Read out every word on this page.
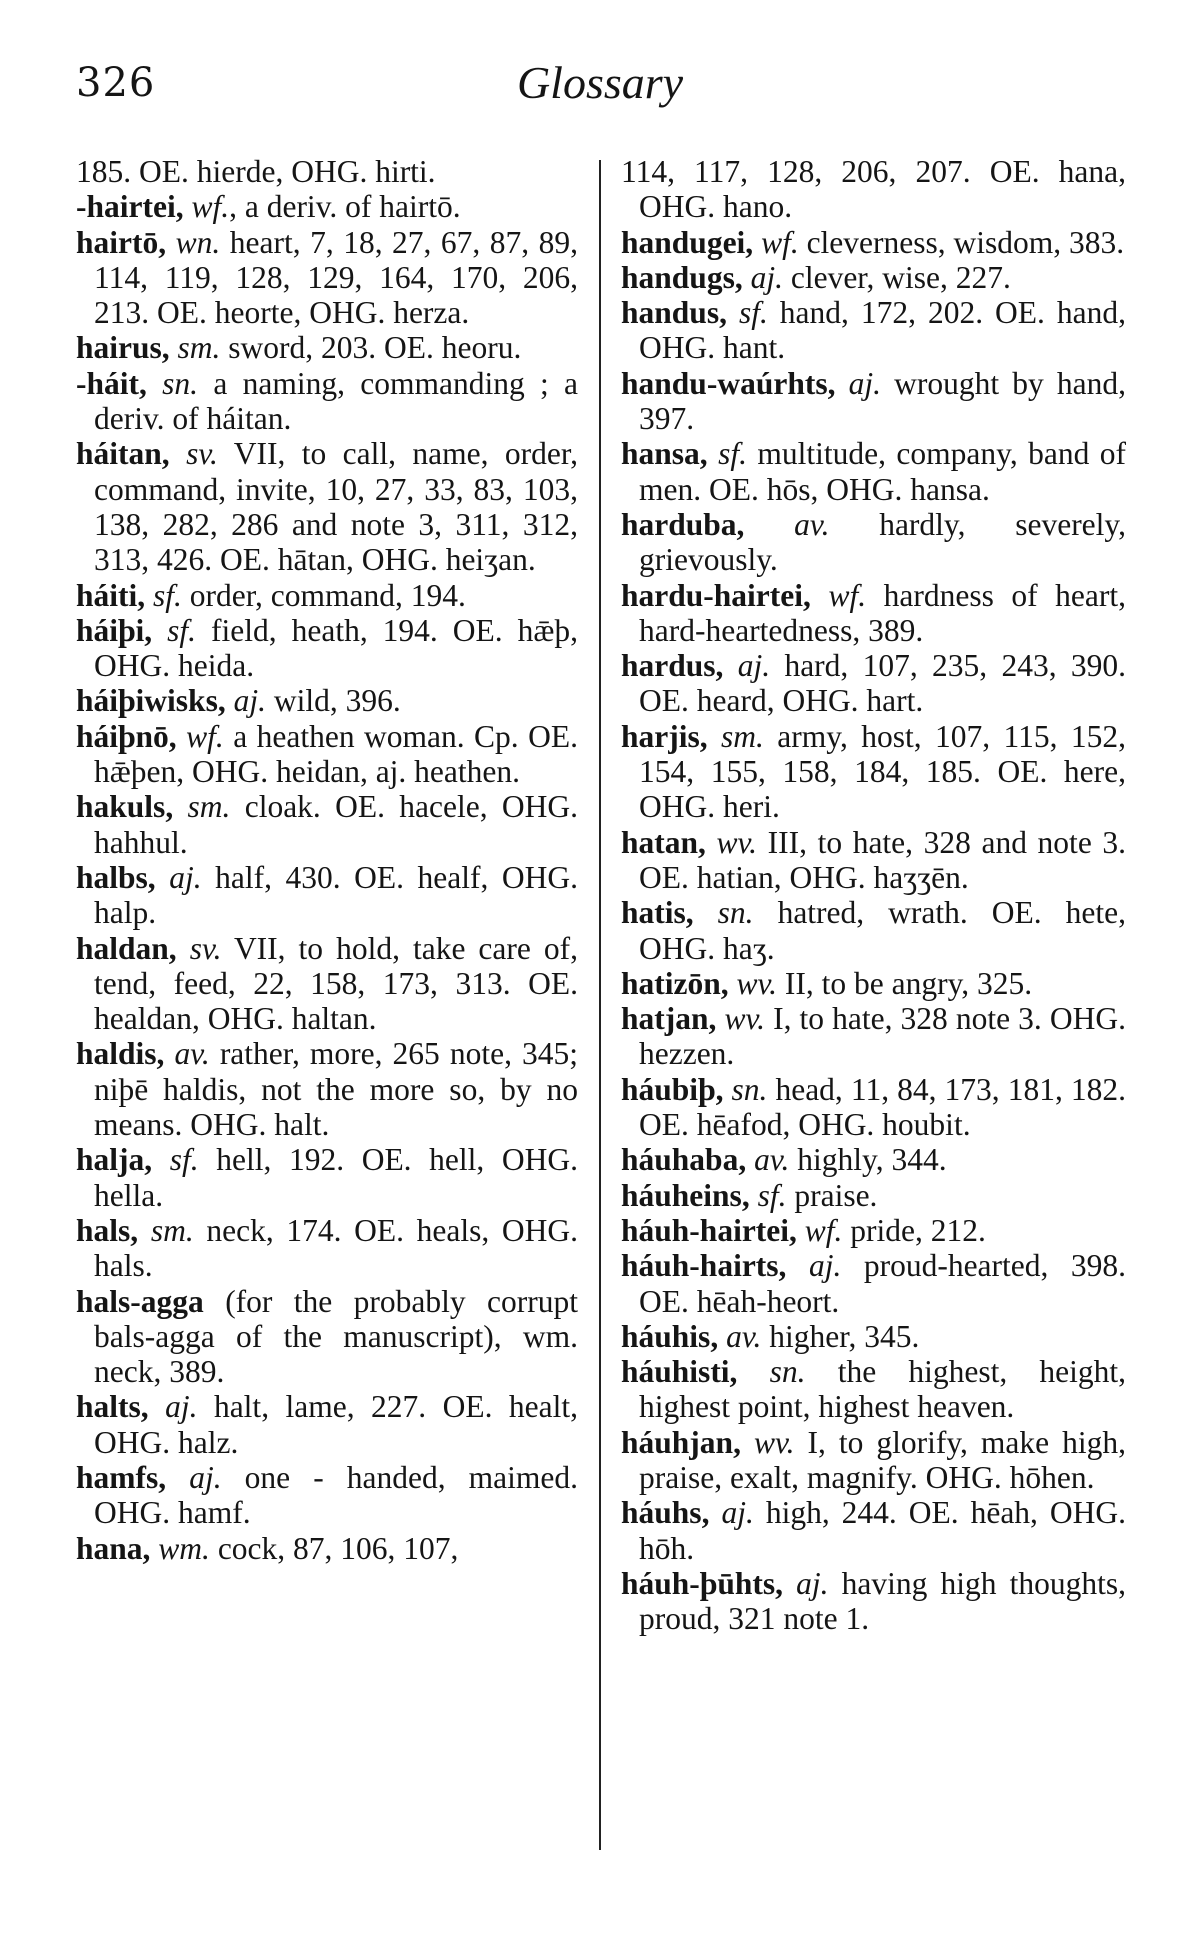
326	Glossary

185. OE. hierde, OHG. hirti.

-hairtei, wf., a deriv. of hairtō.

hairtō, wn. heart, 7, 18, 27, 67, 87, 89, 114, 119, 128, 129, 164, 170, 206, 213. OE. heorte, OHG. herza.

hairus, sm. sword, 203. OE. heoru.

-háit, sn. a naming, commanding ; a deriv. of háitan.

háitan, sv. VII, to call, name, order, command, invite, 10, 27, 33, 83, 103, 138, 282, 286 and note 3, 311, 312, 313, 426. OE. hātan, OHG. heiʒan.

háiti, sf. order, command, 194.

háiþi, sf. field, heath, 194. OE. hǣþ, OHG. heida.

háiþiwisks, aj. wild, 396.

háiþnō, wf. a heathen woman. Cp. OE. hǣþen, OHG. heidan, aj. heathen.

hakuls, sm. cloak. OE. hacele, OHG. hahhul.

halbs, aj. half, 430. OE. healf, OHG. halp.

haldan, sv. VII, to hold, take care of, tend, feed, 22, 158, 173, 313. OE. healdan, OHG. haltan.

haldis, av. rather, more, 265 note, 345; niþē haldis, not the more so, by no means. OHG. halt.

halja, sf. hell, 192. OE. hell, OHG. hella.

hals, sm. neck, 174. OE. heals, OHG. hals.

hals-agga (for the probably corrupt bals-agga of the manuscript), wm. neck, 389.

halts, aj. halt, lame, 227. OE. healt, OHG. halz.

hamfs, aj. one - handed, maimed. OHG. hamf.

hana, wm. cock, 87, 106, 107,

114, 117, 128, 206, 207. OE. hana, OHG. hano.

handugei, wf. cleverness, wisdom, 383.

handugs, aj. clever, wise, 227.

handus, sf. hand, 172, 202. OE. hand, OHG. hant.

handu-waúrhts, aj. wrought by hand, 397.

hansa, sf. multitude, company, band of men. OE. hōs, OHG. hansa.

harduba, av. hardly, severely, grievously.

hardu-hairtei, wf. hardness of heart, hard-heartedness, 389.

hardus, aj. hard, 107, 235, 243, 390. OE. heard, OHG. hart.

harjis, sm. army, host, 107, 115, 152, 154, 155, 158, 184, 185. OE. here, OHG. heri.

hatan, wv. III, to hate, 328 and note 3. OE. hatian, OHG. haʒʒēn.

hatis, sn. hatred, wrath. OE. hete, OHG. haʒ.

hatizōn, wv. II, to be angry, 325.

hatjan, wv. I, to hate, 328 note 3. OHG. hezzen.

háubiþ, sn. head, 11, 84, 173, 181, 182. OE. hēafod, OHG. houbit.

háuhaba, av. highly, 344.

háuheins, sf. praise.

háuh-hairtei, wf. pride, 212.

háuh-hairts, aj. proud-hearted, 398. OE. hēah-heort.

háuhis, av. higher, 345.

háuhisti, sn. the highest, height, highest point, highest heaven.

háuhjan, wv. I, to glorify, make high, praise, exalt, magnify. OHG. hōhen.

háuhs, aj. high, 244. OE. hēah, OHG. hōh.

háuh-þūhts, aj. having high thoughts, proud, 321 note 1.
